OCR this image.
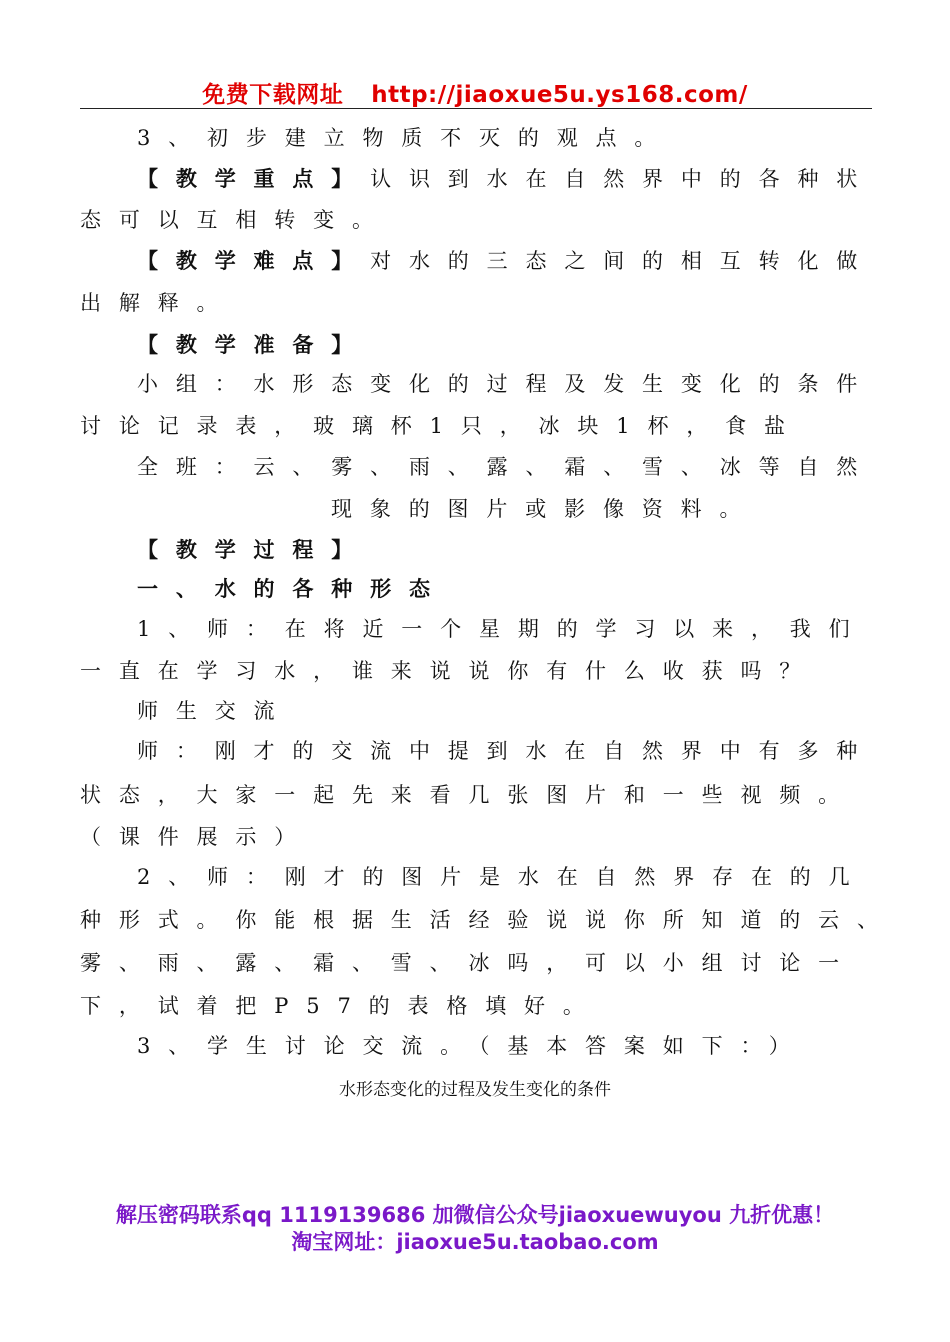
免费下载网址 http://jiaoxue5u.ys168.com/
3、初步建立物质不灭的观点。
【教学重点】认识到水在自然界中的各种状
态可以互相转变。
【教学难点】对水的三态之间的相互转化做
出解释。
【教学准备】
小组：水形态变化的过程及发生变化的条件
讨论记录表，玻璃杯1只，冰块1杯，食盐
全班：云、雾、雨、露、霜、雪、冰等自然
现象的图片或影像资料。
【教学过程】
一、水的各种形态
1、师：在将近一个星期的学习以来，我们
一直在学习水，谁来说说你有什么收获吗？
师生交流
师：刚才的交流中提到水在自然界中有多种
状态，大家一起先来看几张图片和一些视频。
（课件展示）
2、师：刚才的图片是水在自然界存在的几
种形式。你能根据生活经验说说你所知道的云、
雾、雨、露、霜、雪、冰吗，可以小组讨论一
下，试着把P57的表格填好。
3、学生讨论交流。（基本答案如下：）
水形态变化的过程及发生变化的条件
解压密码联系qq 1119139686 加微信公众号jiaoxuewuyou 九折优惠！
淘宝网址：jiaoxue5u.taobao.com
